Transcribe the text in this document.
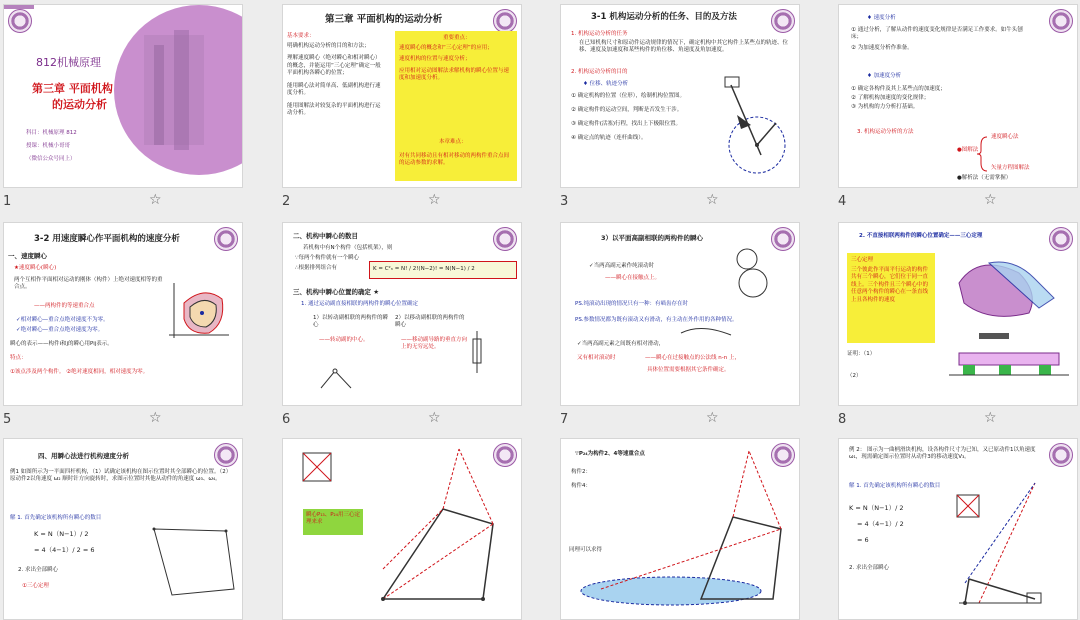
812机械原理
第三章 平面机构
的运动分析
科目：机械原理 812
授课：机械小哥哥
（微信公众号同上）
1	☆
第三章 平面机构的运动分析
基本要求：
明确机构运动分析的目的和方法；
理解速度瞬心（绝对瞬心和相对瞬心）的概念，并能运用“三心定理”确定一般平面机构各瞬心的位置；
能用瞬心法对简单高、低副机构进行速度分析。
能用图解法对较复杂的平面机构进行运动分析。
重要重点：
速度瞬心的概念和“三心定理”的应用；
速度机构的位置与速度分析；
应用相对运动图解法求解机构的瞬心位置与速度和加速度分析。
本章难点：
对有共同移动且有相对移动的两构件重合点间的运动参数的求解。
2	☆
3-1 机构运动分析的任务、目的及方法
1. 机构运动分析的任务
在已知机构尺寸和原动件运动规律的情况下，确定机构中其它构件上某些点的轨迹、位移、速度及加速度和某些构件的角位移、角速度及角加速度。
2. 机构运动分析的目的
♦ 位移、轨迹分析
① 确定机构的位置（位形），绘制机构位置图。
② 确定构件的运动空间，判断是否发生干涉。
③ 确定构件(活塞)行程，找出上下极限位置。
④ 确定点的轨迹（连杆曲线）。
3	☆
♦ 速度分析
① 通过分析，了解从动件的速度变化规律是否满足工作要求。如牛头刨床；
② 为加速度分析作准备。
♦ 加速度分析
① 确定各构件及其上某些点的加速度；
② 了解机构加速度的变化规律；
③ 为机构的力分析打基础。
3. 机构运动分析的方法
●图解法
速度瞬心法
矢量方程图解法
●解析法（无需掌握）
4	☆
3-2 用速度瞬心作平面机构的速度分析
一、速度瞬心
★速度瞬心(瞬心)
两个互相作平面相对运动的刚体（构件）上绝对速度相等的重合点。
——两构件的等速重合点
✓相对瞬心—重合点绝对速度不为零。
✓绝对瞬心—重合点绝对速度为零。
瞬心的表示——构件i和j的瞬心用Pij表示。
特点：
①该点涉及两个构件。 ②绝对速度相同，相对速度为零。
5	☆
二、机构中瞬心的数目
若机构中有N个构件（包括机架），则
∵每两个构件就有一个瞬心
∴根据排列组合有	K = C²ₙ = N! / 2!(N−2)! = N(N−1) / 2
三、机构中瞬心位置的确定 ★
1. 通过运动副直接相联的两构件的瞬心位置确定
1）以转动副相联的两构件的瞬心
——转动副的中心。
2）以移动副相联的两构件的瞬心
——移动副导路的垂直方向上的无穷远处。
6	☆
3）以平面高副相联的两构件的瞬心
✓当两高副元素作纯滚动时
——瞬心在接触点上。
PS.纯滚动出现的情况只有一种：有啮齿存在时
PS.参数情况都为既有滚动又有滑动，有主动在外作用的各种情况。
✓当两高副元素之间既有相对滑动，
又有相对滚动时	——瞬心在过接触点的公法线 n-n 上，
具体位置需要根据其它条件确定。
7	☆
2. 不直接相联两构件的瞬心位置确定——三心定理
三心定理
三个彼此作平面平行运动的构件共有三个瞬心，它们位于同一直线上。三个构件且三个瞬心中的任意两个构件的瞬心在一条直线上且各构件的速度
证明：（1）
（2）
8	☆
四、用瞬心法进行机构速度分析
例1 如图所示为一平面四杆机构，（1）试确定该机构在图示位置时其全部瞬心的位置。（2）原动件2以角速度 ω₂ 顺时针方向旋转时，求图示位置时其他从动件的角速度 ω₃、ω₄。
解 1. 首先确定该机构所有瞬心的数目
K = N（N−1）/ 2
= 4（4−1）/ 2 = 6
2. 求出全部瞬心
①三心定理
瞬心P₁₃、P₂₄用三心定理来求
∵P₂₄为构件2、4等速重合点
构件2：
构件4：
同理可以求得
例 2： 图示为一曲柄滑块机构，设各构件尺寸为已知，又已原动件1以角速度 ω₁，现需确定图示位置时从动件3的移动速度V₃。
解 1. 首先确定该机构所有瞬心的数目
K = N（N−1）/ 2
= 4（4−1）/ 2
= 6
2. 求出全部瞬心
